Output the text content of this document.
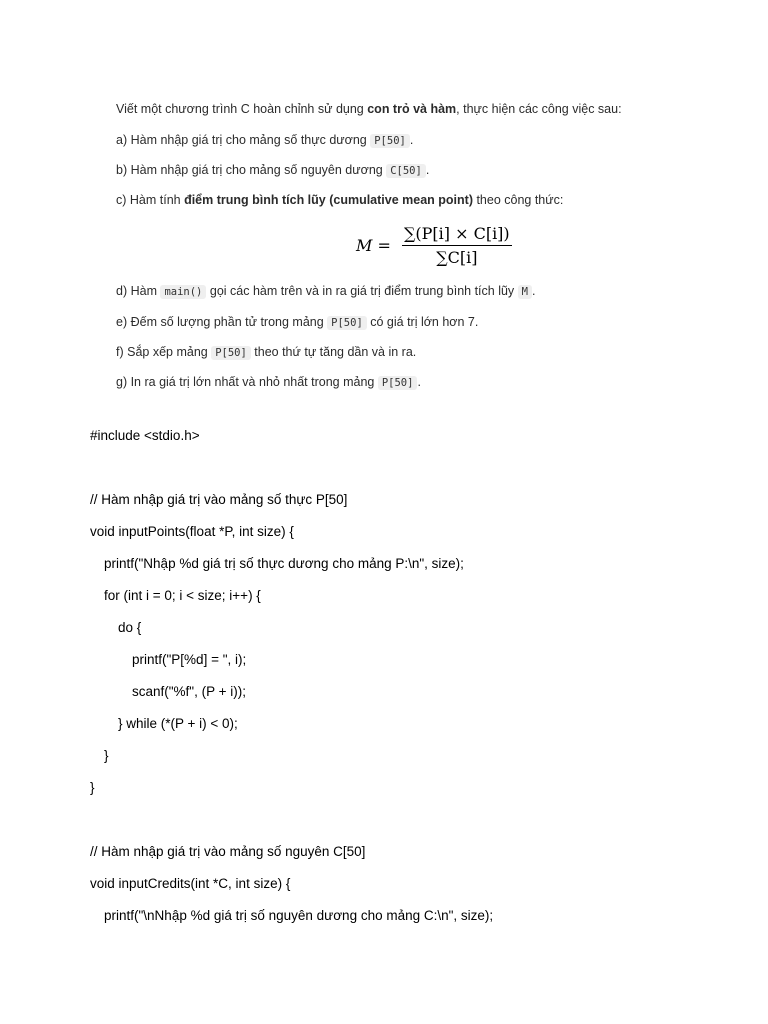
Viết một chương trình C hoàn chỉnh sử dụng con trỏ và hàm, thực hiện các công việc sau:
a) Hàm nhập giá trị cho mảng số thực dương P[50] .
b) Hàm nhập giá trị cho mảng số nguyên dương C[50] .
c) Hàm tính điểm trung bình tích lũy (cumulative mean point) theo công thức:
$M = \frac{\sum(P[i] \times C[i])}{\sum C[i]}$
d) Hàm main() gọi các hàm trên và in ra giá trị điểm trung bình tích lũy M .
e) Đếm số lượng phần tử trong mảng P[50] có giá trị lớn hơn 7.
f) Sắp xếp mảng P[50] theo thứ tự tăng dần và in ra.
g) In ra giá trị lớn nhất và nhỏ nhất trong mảng P[50] .
#include <stdio.h>
// Hàm nhập giá trị vào mảng số thực P[50]
void inputPoints(float *P, int size) {
printf("Nhập %d giá trị số thực dương cho mảng P:\n", size);
for (int i = 0; i < size; i++) {
do {
printf("P[%d] = ", i);
scanf("%f", (P + i));
} while (*(P + i) < 0);
}
}
// Hàm nhập giá trị vào mảng số nguyên C[50]
void inputCredits(int *C, int size) {
printf("\nNhập %d giá trị số nguyên dương cho mảng C:\n", size);
